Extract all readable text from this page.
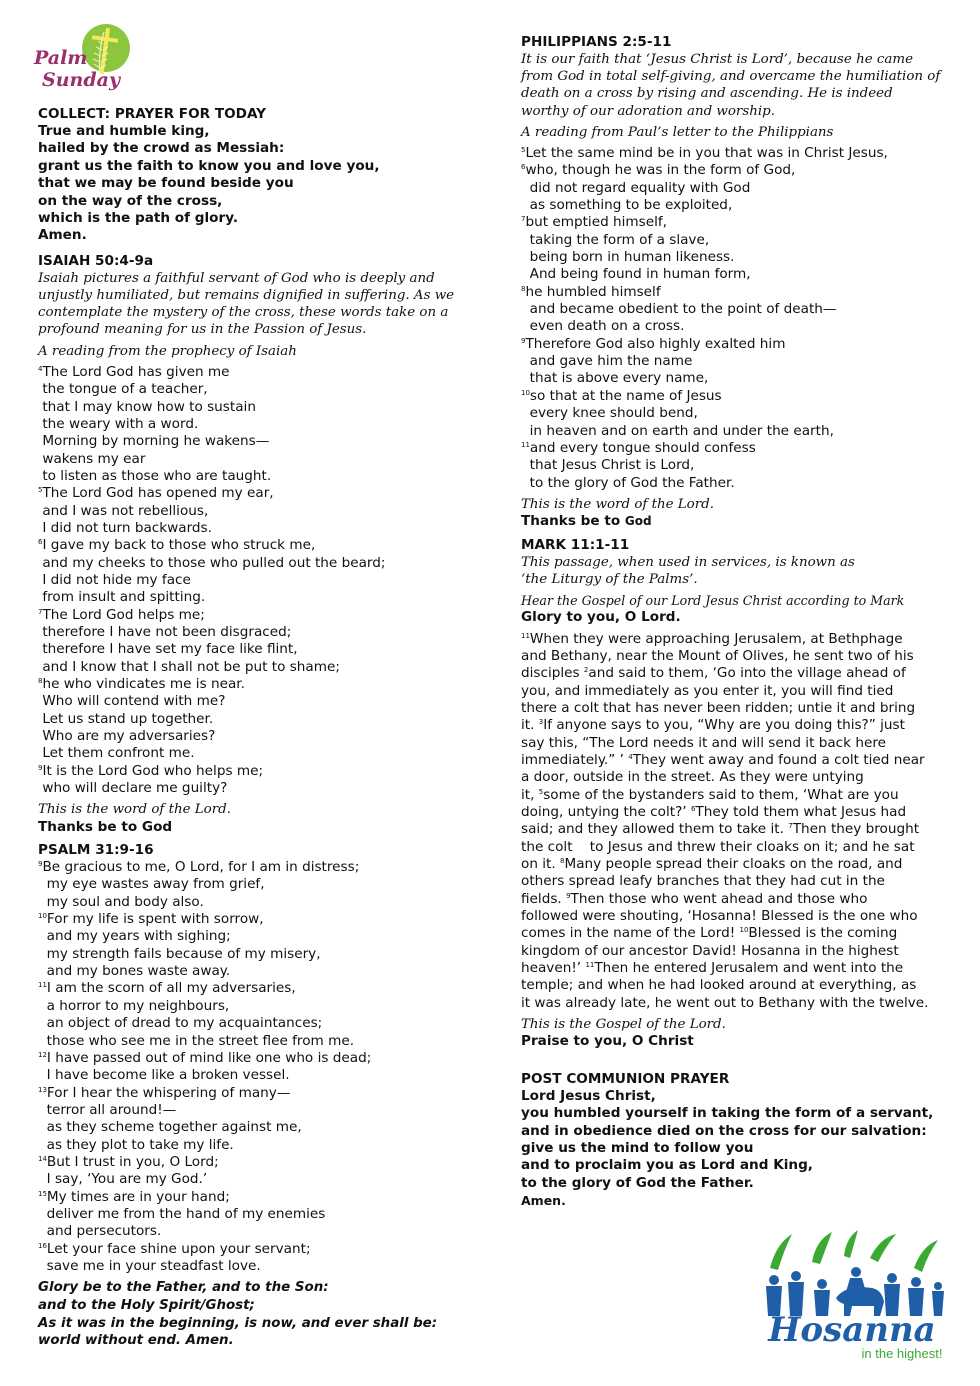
Palm
Sunday
COLLECT: PRAYER FOR TODAY
True and humble king,
hailed by the crowd as Messiah:
grant us the faith to know you and love you,
that we may be found beside you
on the way of the cross,
which is the path of glory.
Amen.
ISAIAH 50:4-9a
Isaiah pictures a faithful servant of God who is deeply and unjustly humiliated, but remains dignified in suffering. As we contemplate the mystery of the cross, these words take on a profound meaning for us in the Passion of Jesus.
A reading from the prophecy of Isaiah
$^4$The Lord God has given me
the tongue of a teacher,
that I may know how to sustain
the weary with a word.
Morning by morning he wakens—
wakens my ear
to listen as those who are taught.
$^5$The Lord God has opened my ear,
and I was not rebellious,
I did not turn backwards.
$^6$I gave my back to those who struck me,
and my cheeks to those who pulled out the beard;
I did not hide my face
from insult and spitting.
$^7$The Lord God helps me;
therefore I have not been disgraced;
therefore I have set my face like flint,
and I know that I shall not be put to shame;
$^8$he who vindicates me is near.
Who will contend with me?
Let us stand up together.
Who are my adversaries?
Let them confront me.
$^9$It is the Lord God who helps me;
who will declare me guilty?
This is the word of the Lord.
Thanks be to God
PSALM 31:9-16
$^9$Be gracious to me, O Lord, for I am in distress;
my eye wastes away from grief,
my soul and body also.
$^{10}$For my life is spent with sorrow,
and my years with sighing;
my strength fails because of my misery,
and my bones waste away.
$^{11}$I am the scorn of all my adversaries,
a horror to my neighbours,
an object of dread to my acquaintances;
those who see me in the street flee from me.
$^{12}$I have passed out of mind like one who is dead;
I have become like a broken vessel.
$^{13}$For I hear the whispering of many—
terror all around!—
as they scheme together against me,
as they plot to take my life.
$^{14}$But I trust in you, O Lord;
I say, ‘You are my God.’
$^{15}$My times are in your hand;
deliver me from the hand of my enemies
and persecutors.
$^{16}$Let your face shine upon your servant;
save me in your steadfast love.
Glory be to the Father, and to the Son:
and to the Holy Spirit/Ghost;
As it was in the beginning, is now, and ever shall be:
world without end. Amen.
PHILIPPIANS 2:5-11
It is our faith that ‘Jesus Christ is Lord’, because he came from God in total self-giving, and overcame the humiliation of death on a cross by rising and ascending. He is indeed worthy of our adoration and worship.
A reading from Paul’s letter to the Philippians
$^5$Let the same mind be in you that was in Christ Jesus,
$^6$who, though he was in the form of God,
did not regard equality with God
as something to be exploited,
$^7$but emptied himself,
taking the form of a slave,
being born in human likeness.
And being found in human form,
$^8$he humbled himself
and became obedient to the point of death—
even death on a cross.
$^9$Therefore God also highly exalted him
and gave him the name
that is above every name,
$^{10}$so that at the name of Jesus
every knee should bend,
in heaven and on earth and under the earth,
$^{11}$and every tongue should confess
that Jesus Christ is Lord,
to the glory of God the Father.
This is the word of the Lord.
Thanks be to God
MARK 11:1-11
This passage, when used in services, is known as
‘the Liturgy of the Palms’.
Hear the Gospel of our Lord Jesus Christ according to Mark
Glory to you, O Lord.
$^{11}$When they were approaching Jerusalem, at Bethphage
and Bethany, near the Mount of Olives, he sent two of his
disciples $^2$and said to them, ‘Go into the village ahead of
you, and immediately as you enter it, you will find tied
there a colt that has never been ridden; untie it and bring
it. $^3$If anyone says to you, “Why are you doing this?” just
say this, “The Lord needs it and will send it back here
immediately.” ’ $^4$They went away and found a colt tied near
a door, outside in the street. As they were untying
it, $^5$some of the bystanders said to them, ‘What are you
doing, untying the colt?’ $^6$They told them what Jesus had
said; and they allowed them to take it. $^7$Then they brought
the colt    to Jesus and threw their cloaks on it; and he sat
on it. $^8$Many people spread their cloaks on the road, and
others spread leafy branches that they had cut in the
fields. $^9$Then those who went ahead and those who
followed were shouting, ‘Hosanna! Blessed is the one who
comes in the name of the Lord! $^{10}$Blessed is the coming
kingdom of our ancestor David! Hosanna in the highest
heaven!’ $^{11}$Then he entered Jerusalem and went into the
temple; and when he had looked around at everything, as
it was already late, he went out to Bethany with the twelve.
This is the Gospel of the Lord.
Praise to you, O Christ
POST COMMUNION PRAYER
Lord Jesus Christ,
you humbled yourself in taking the form of a servant,
and in obedience died on the cross for our salvation:
give us the mind to follow you
and to proclaim you as Lord and King,
to the glory of God the Father.
Amen.
Hosanna
in the highest!
